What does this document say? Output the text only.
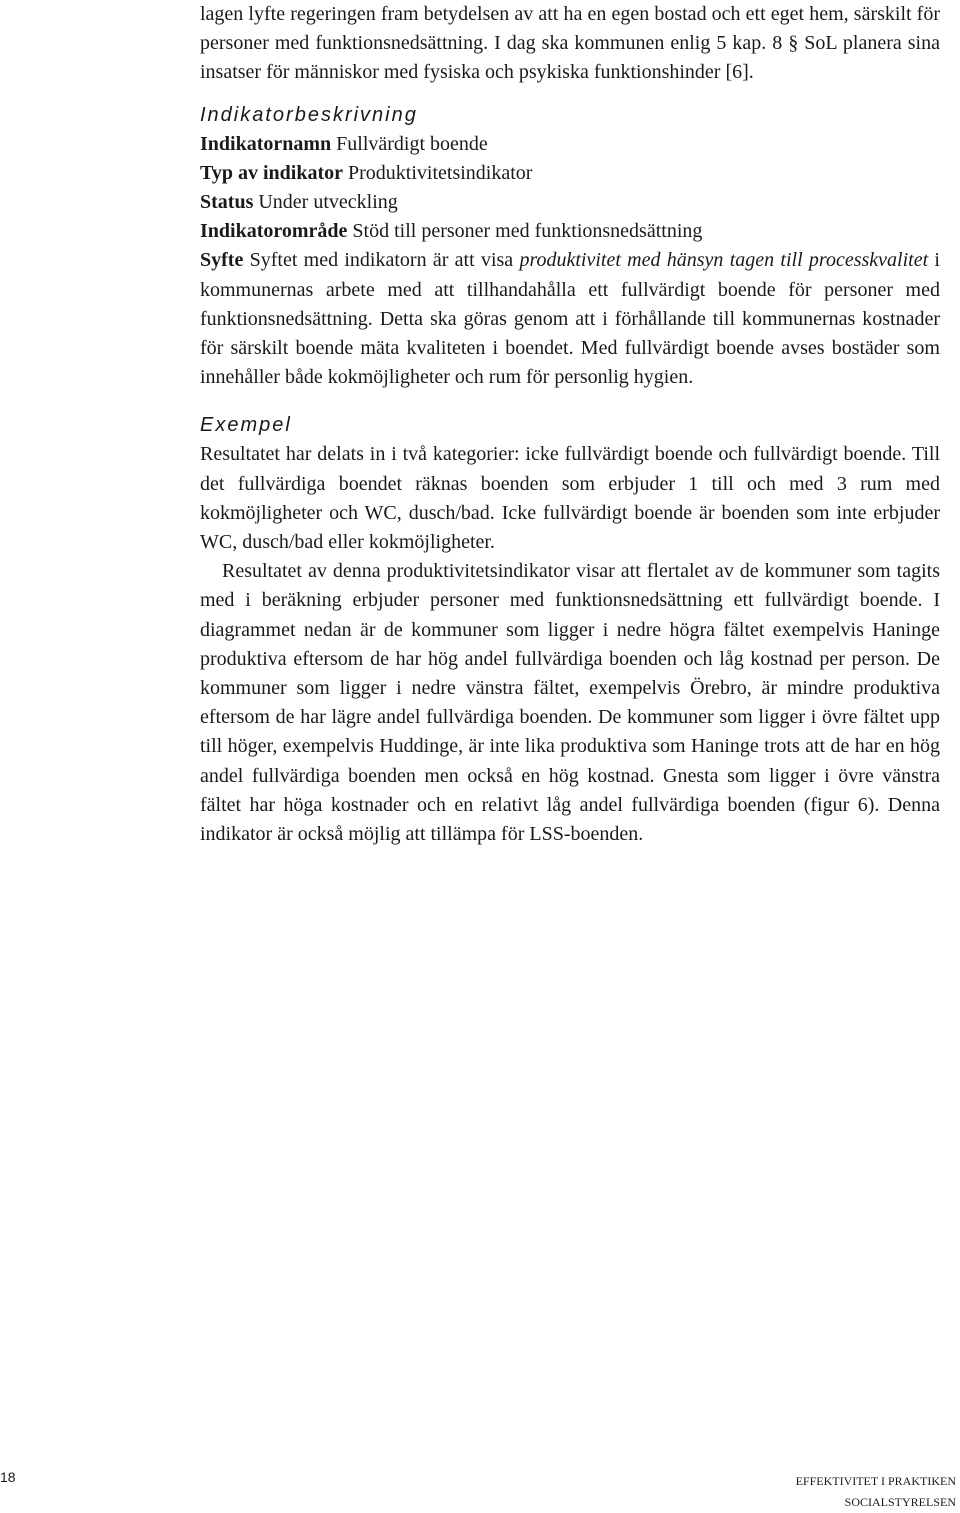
lagen lyfte regeringen fram betydelsen av att ha en egen bostad och ett eget hem, särskilt för personer med funktionsnedsättning. I dag ska kommunen enlig 5 kap. 8 § SoL planera sina insatser för människor med fysiska och psykiska funktionshinder [6].

Indikatorbeskrivning
Indikatornamn Fullvärdigt boende
Typ av indikator Produktivitetsindikator
Status Under utveckling
Indikatorområde Stöd till personer med funktionsnedsättning

Syfte Syftet med indikatorn är att visa produktivitet med hänsyn tagen till processkvalitet i kommunernas arbete med att tillhandahålla ett fullvärdigt boende för personer med funktionsnedsättning. Detta ska göras genom att i förhållande till kommunernas kostnader för särskilt boende mäta kvaliteten i boendet. Med fullvärdigt boende avses bostäder som innehåller både kokmöjligheter och rum för personlig hygien.

Exempel

Resultatet har delats in i två kategorier: icke fullvärdigt boende och fullvärdigt boende. Till det fullvärdiga boendet räknas boenden som erbjuder 1 till och med 3 rum med kokmöjligheter och WC, dusch/bad. Icke fullvärdigt boende är boenden som inte erbjuder WC, dusch/bad eller kokmöjligheter.

Resultatet av denna produktivitetsindikator visar att flertalet av de kommuner som tagits med i beräkning erbjuder personer med funktionsnedsättning ett fullvärdigt boende. I diagrammet nedan är de kommuner som ligger i nedre högra fältet exempelvis Haninge produktiva eftersom de har hög andel fullvärdiga boenden och låg kostnad per person. De kommuner som ligger i nedre vänstra fältet, exempelvis Örebro, är mindre produktiva eftersom de har lägre andel fullvärdiga boenden. De kommuner som ligger i övre fältet upp till höger, exempelvis Huddinge, är inte lika produktiva som Haninge trots att de har en hög andel fullvärdiga boenden men också en hög kostnad. Gnesta som ligger i övre vänstra fältet har höga kostnader och en relativt låg andel fullvärdiga boenden (figur 6). Denna indikator är också möjlig att tillämpa för LSS-boenden.

18	EFFEKTIVITET I PRAKTIKEN
SOCIALSTYRELSEN
